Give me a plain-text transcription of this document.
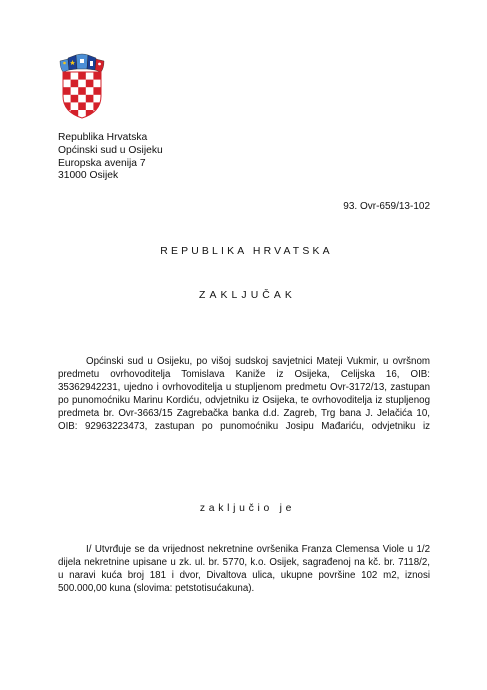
Republika Hrvatska
Općinski sud u Osijeku
Europska avenija 7
31000 Osijek
93. Ovr-659/13-102
REPUBLIKA HRVATSKA
ZAKLJUČAK
Općinski sud u Osijeku, po višoj sudskoj savjetnici Mateji Vukmir, u ovršnom
predmetu ovrhovoditelja Tomislava Kaniže iz Osijeka, Celijska 16, OIB:
35362942231, ujedno i ovrhovoditelja u stupljenom predmetu Ovr-3172/13, zastupan
po punomoćniku Marinu Kordiću, odvjetniku iz Osijeka, te ovrhovoditelja iz stupljenog
predmeta br. Ovr-3663/15 Zagrebačka banka d.d. Zagreb, Trg bana J. Jelačića 10,
OIB: 92963223473, zastupan po punomoćniku Josipu Mađariću, odvjetniku iz
zaključio je
I/ Utvrđuje se da vrijednost nekretnine ovršenika Franza Clemensa Viole u 1/2
dijela nekretnine upisane u zk. ul. br. 5770, k.o. Osijek, sagrađenoj na kč. br. 7118/2,
u naravi kuća broj 181 i dvor, Divaltova ulica, ukupne površine 102 m2, iznosi
500.000,00 kuna (slovima: petstotisućakuna).
